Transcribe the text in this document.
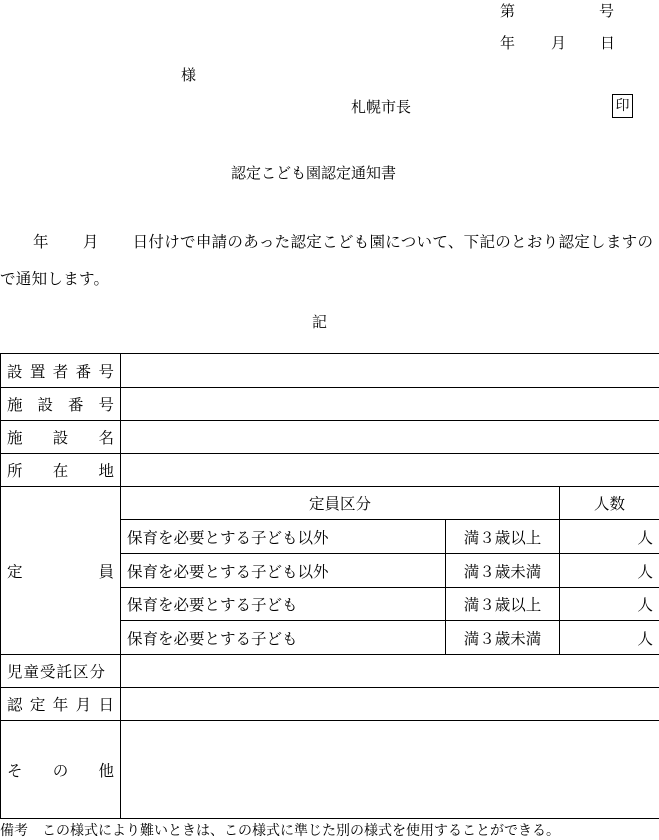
第	号
年 月 日
様
札幌市長	印
認定こども園認定通知書
年 月 日付けで申請のあった認定こども園について、下記のとおり認定しますので通知します。
記
設 置 者 番 号			

施 設 番 号			

施 設 名			

所 在 地			

定 員	定員区分		人数
	保育を必要とする子ども以外	満３歳以上	人
	保育を必要とする子ども以外	満３歳未満	人
	保育を必要とする子ども	満３歳以上	人
	保育を必要とする子ども	満３歳未満	人
児童受託区分			

認 定 年 月 日			

そ の 他			

備考　この様式により難いときは、この様式に準じた別の様式を使用することができる。
